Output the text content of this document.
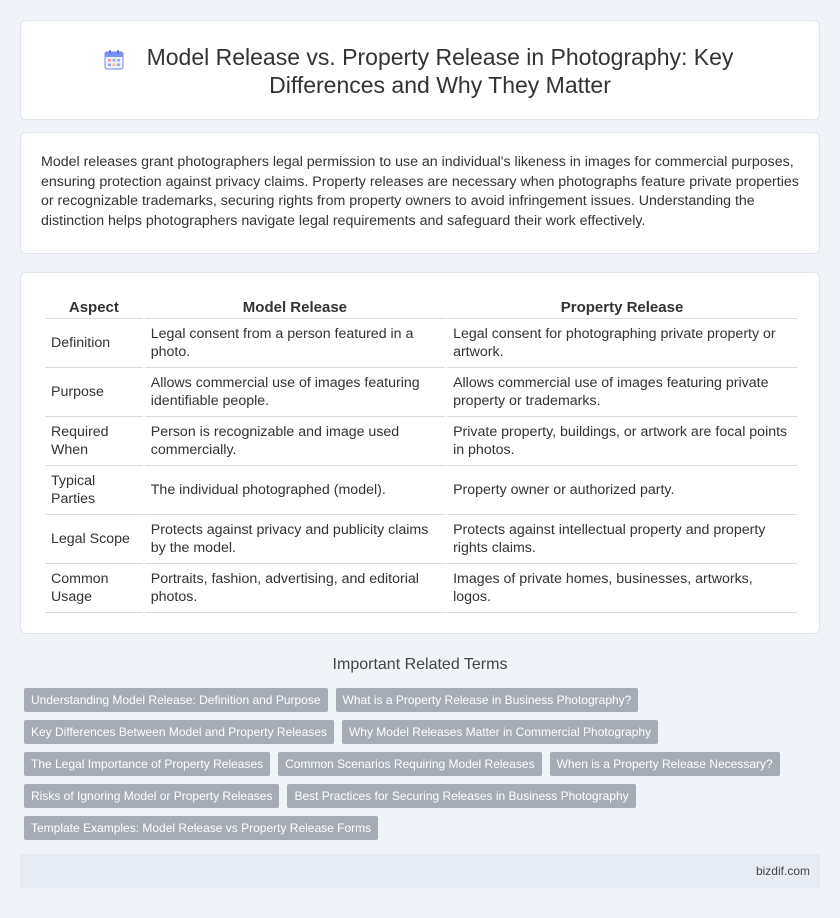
Model Release vs. Property Release in Photography: Key Differences and Why They Matter

Model releases grant photographers legal permission to use an individual's likeness in images for commercial purposes, ensuring protection against privacy claims. Property releases are necessary when photographs feature private properties or recognizable trademarks, securing rights from property owners to avoid infringement issues. Understanding the distinction helps photographers navigate legal requirements and safeguard their work effectively.

Aspect	Model Release	Property Release
Definition	Legal consent from a person featured in a photo.	Legal consent for photographing private property or artwork.
Purpose	Allows commercial use of images featuring identifiable people.	Allows commercial use of images featuring private property or trademarks.
Required When	Person is recognizable and image used commercially.	Private property, buildings, or artwork are focal points in photos.
Typical Parties	The individual photographed (model).	Property owner or authorized party.
Legal Scope	Protects against privacy and publicity claims by the model.	Protects against intellectual property and property rights claims.
Common Usage	Portraits, fashion, advertising, and editorial photos.	Images of private homes, businesses, artworks, logos.
Important Related Terms
Understanding Model Release: Definition and Purpose	What is a Property Release in Business Photography?
Key Differences Between Model and Property Releases	Why Model Releases Matter in Commercial Photography
The Legal Importance of Property Releases	Common Scenarios Requiring Model Releases	When is a Property Release Necessary?
Risks of Ignoring Model or Property Releases	Best Practices for Securing Releases in Business Photography
Template Examples: Model Release vs Property Release Forms
bizdif.com
